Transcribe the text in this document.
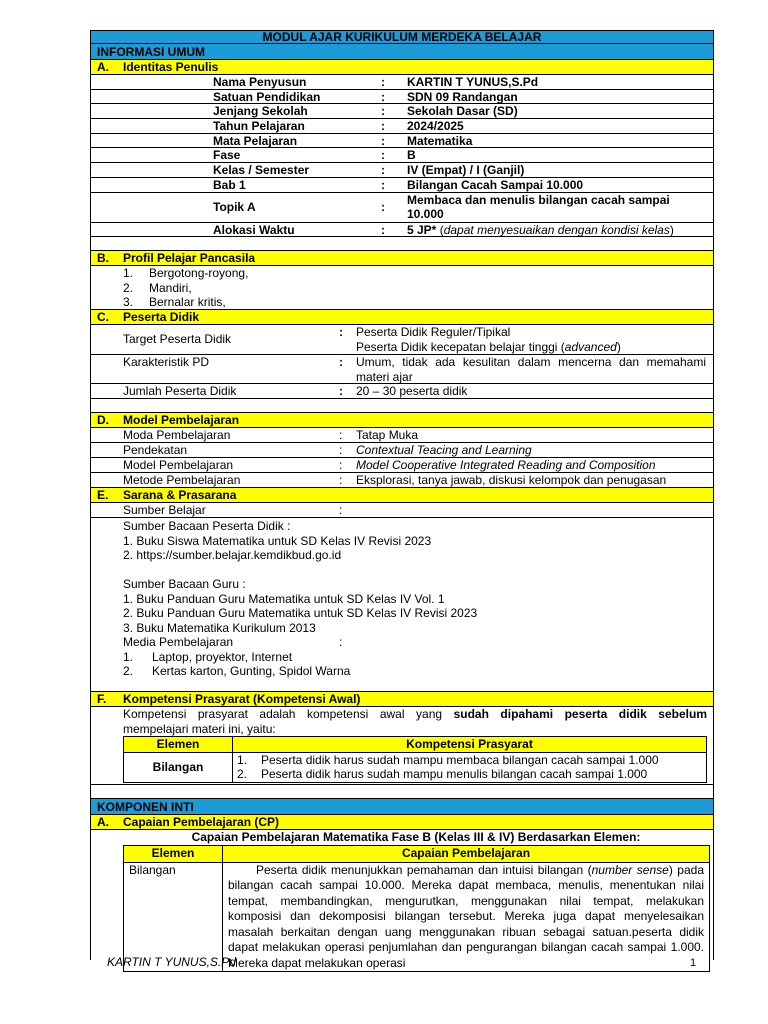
MODUL AJAR KURIKULUM MERDEKA BELAJAR
INFORMASI UMUM
A.	Identitas Penulis
Nama Penyusun	: KARTIN T YUNUS,S.Pd
Satuan Pendidikan	: SDN 09 Randangan
Jenjang Sekolah	: Sekolah Dasar (SD)
Tahun Pelajaran	: 2024/2025
Mata Pelajaran	: Matematika
Fase	: B
Kelas / Semester	: IV (Empat) / I (Ganjil)
Bab 1	: Bilangan Cacah Sampai 10.000
Topik A	: Membaca dan menulis bilangan cacah sampai 10.000
Alokasi Waktu	: 5 JP* (dapat menyesuaikan dengan kondisi kelas)
B.	Profil Pelajar Pancasila
1. Bergotong-royong,
2. Mandiri,
3. Bernalar kritis,
C.	Peserta Didik
Target Peserta Didik	: Peserta Didik Reguler/Tipikal
Peserta Didik kecepatan belajar tinggi (advanced)
Karakteristik PD	: Umum, tidak ada kesulitan dalam mencerna dan memahami materi ajar
Jumlah Peserta Didik	: 20 – 30 peserta didik
D.	Model Pembelajaran
Moda Pembelajaran	: Tatap Muka
Pendekatan	: Contextual Teacing and Learning
Model Pembelajaran	: Model Cooperative Integrated Reading and Composition
Metode Pembelajaran	: Eksplorasi, tanya jawab, diskusi kelompok dan penugasan
E.	Sarana & Prasarana
Sumber Belajar	:
Sumber Bacaan Peserta Didik :
1. Buku Siswa Matematika untuk SD Kelas IV Revisi 2023
2. https://sumber.belajar.kemdikbud.go.id
Sumber Bacaan Guru :
1. Buku Panduan Guru Matematika untuk SD Kelas IV Vol. 1
2. Buku Panduan Guru Matematika untuk SD Kelas IV Revisi 2023
3. Buku Matematika Kurikulum 2013
Media Pembelajaran	:
1. Laptop, proyektor, Internet
2. Kertas karton, Gunting, Spidol Warna
F.	Kompetensi Prasyarat (Kompetensi Awal)
Kompetensi prasyarat adalah kompetensi awal yang sudah dipahami peserta didik sebelum
mempelajari materi ini, yaitu:
Elemen	Kompetensi Prasyarat
Bilangan	1. Peserta didik harus sudah mampu membaca bilangan cacah sampai 1.000
2. Peserta didik harus sudah mampu menulis bilangan cacah sampai 1.000
KOMPONEN INTI
A.	Capaian Pembelajaran (CP)
Capaian Pembelajaran Matematika Fase B (Kelas III & IV) Berdasarkan Elemen:
Elemen	Capaian Pembelajaran
Bilangan	Peserta didik menunjukkan pemahaman dan intuisi bilangan (number sense) pada bilangan cacah sampai 10.000. Mereka dapat membaca, menulis, menentukan nilai tempat, membandingkan, mengurutkan, menggunakan nilai tempat, melakukan komposisi dan dekomposisi bilangan tersebut. Mereka juga dapat menyelesaikan masalah berkaitan dengan uang menggunakan ribuan sebagai satuan.peserta didik dapat melakukan operasi penjumlahan dan pengurangan bilangan cacah sampai 1.000. Mereka dapat melakukan operasi
KARTIN T YUNUS,S.Pd	1
